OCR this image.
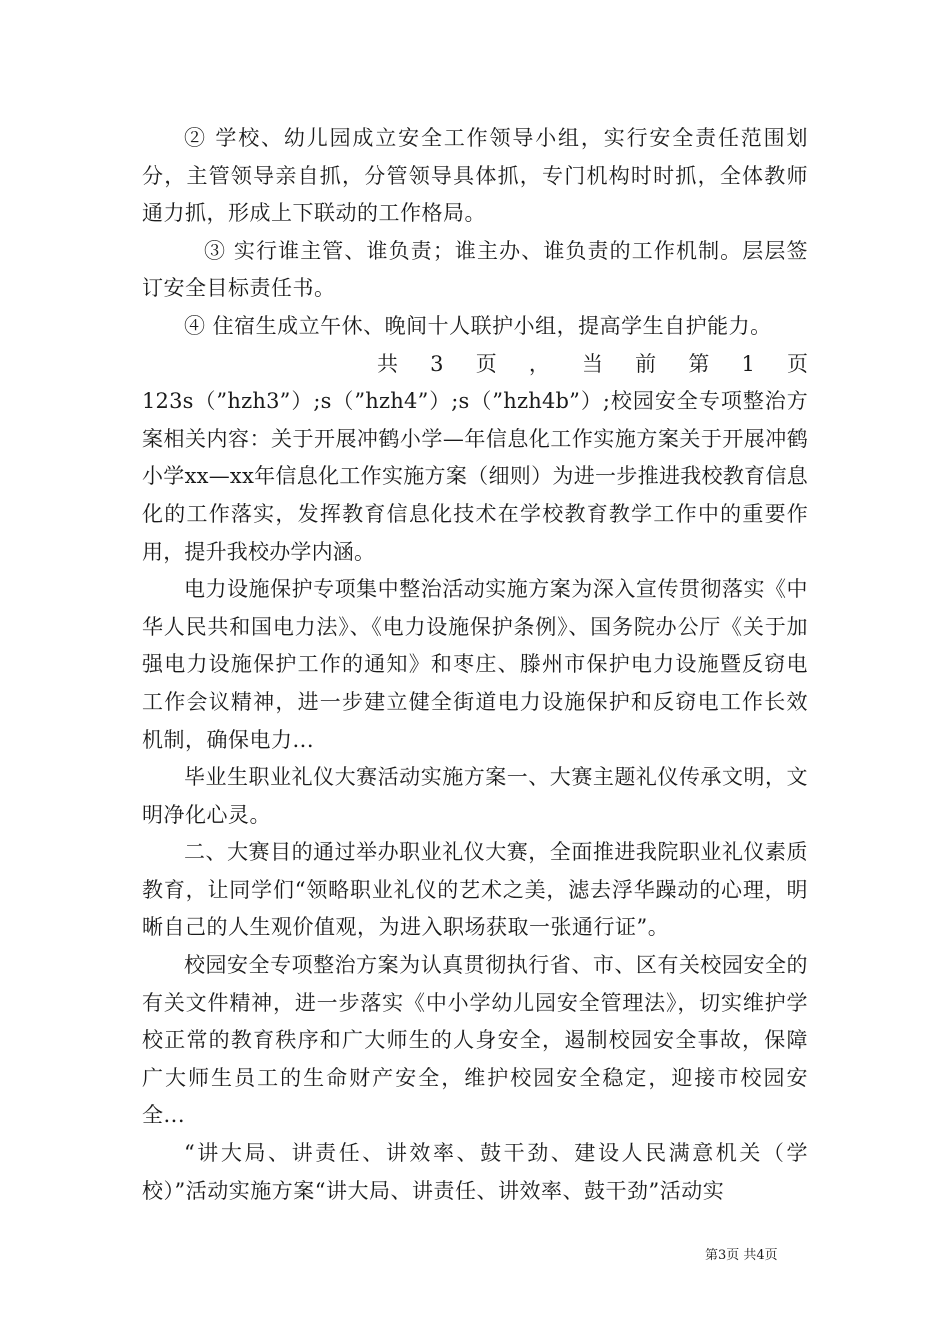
② 学校、幼儿园成立安全工作领导小组，实行安全责任范围划分，主管领导亲自抓，分管领导具体抓，专门机构时时抓，全体教师通力抓，形成上下联动的工作格局。

③ 实行谁主管、谁负责；谁主办、谁负责的工作机制。层层签订安全目标责任书。

④ 住宿生成立午休、晚间十人联护小组，提高学生自护能力。

共 3 页 ， 当 前 第 1 页

123s（”hzh3”）;s（”hzh4”）;s（”hzh4b”）;校园安全专项整治方案相关内容：关于开展冲鹤小学—年信息化工作实施方案关于开展冲鹤小学xx—xx年信息化工作实施方案（细则）为进一步推进我校教育信息化的工作落实，发挥教育信息化技术在学校教育教学工作中的重要作用，提升我校办学内涵。

电力设施保护专项集中整治活动实施方案为深入宣传贯彻落实《中华人民共和国电力法》、《电力设施保护条例》、国务院办公厅《关于加强电力设施保护工作的通知》和枣庄、滕州市保护电力设施暨反窃电工作会议精神，进一步建立健全街道电力设施保护和反窃电工作长效机制，确保电力...

毕业生职业礼仪大赛活动实施方案一、大赛主题礼仪传承文明，文明净化心灵。

二、大赛目的通过举办职业礼仪大赛，全面推进我院职业礼仪素质教育，让同学们“领略职业礼仪的艺术之美，滤去浮华躁动的心理，明晰自己的人生观价值观，为进入职场获取一张通行证”。

校园安全专项整治方案为认真贯彻执行省、市、区有关校园安全的有关文件精神，进一步落实《中小学幼儿园安全管理法》，切实维护学校正常的教育秩序和广大师生的人身安全，遏制校园安全事故，保障广大师生员工的生命财产安全，维护校园安全稳定，迎接市校园安全...

“讲大局、讲责任、讲效率、鼓干劲、建设人民满意机关（学校）”活动实施方案“讲大局、讲责任、讲效率、鼓干劲”活动实

第3页 共4页
